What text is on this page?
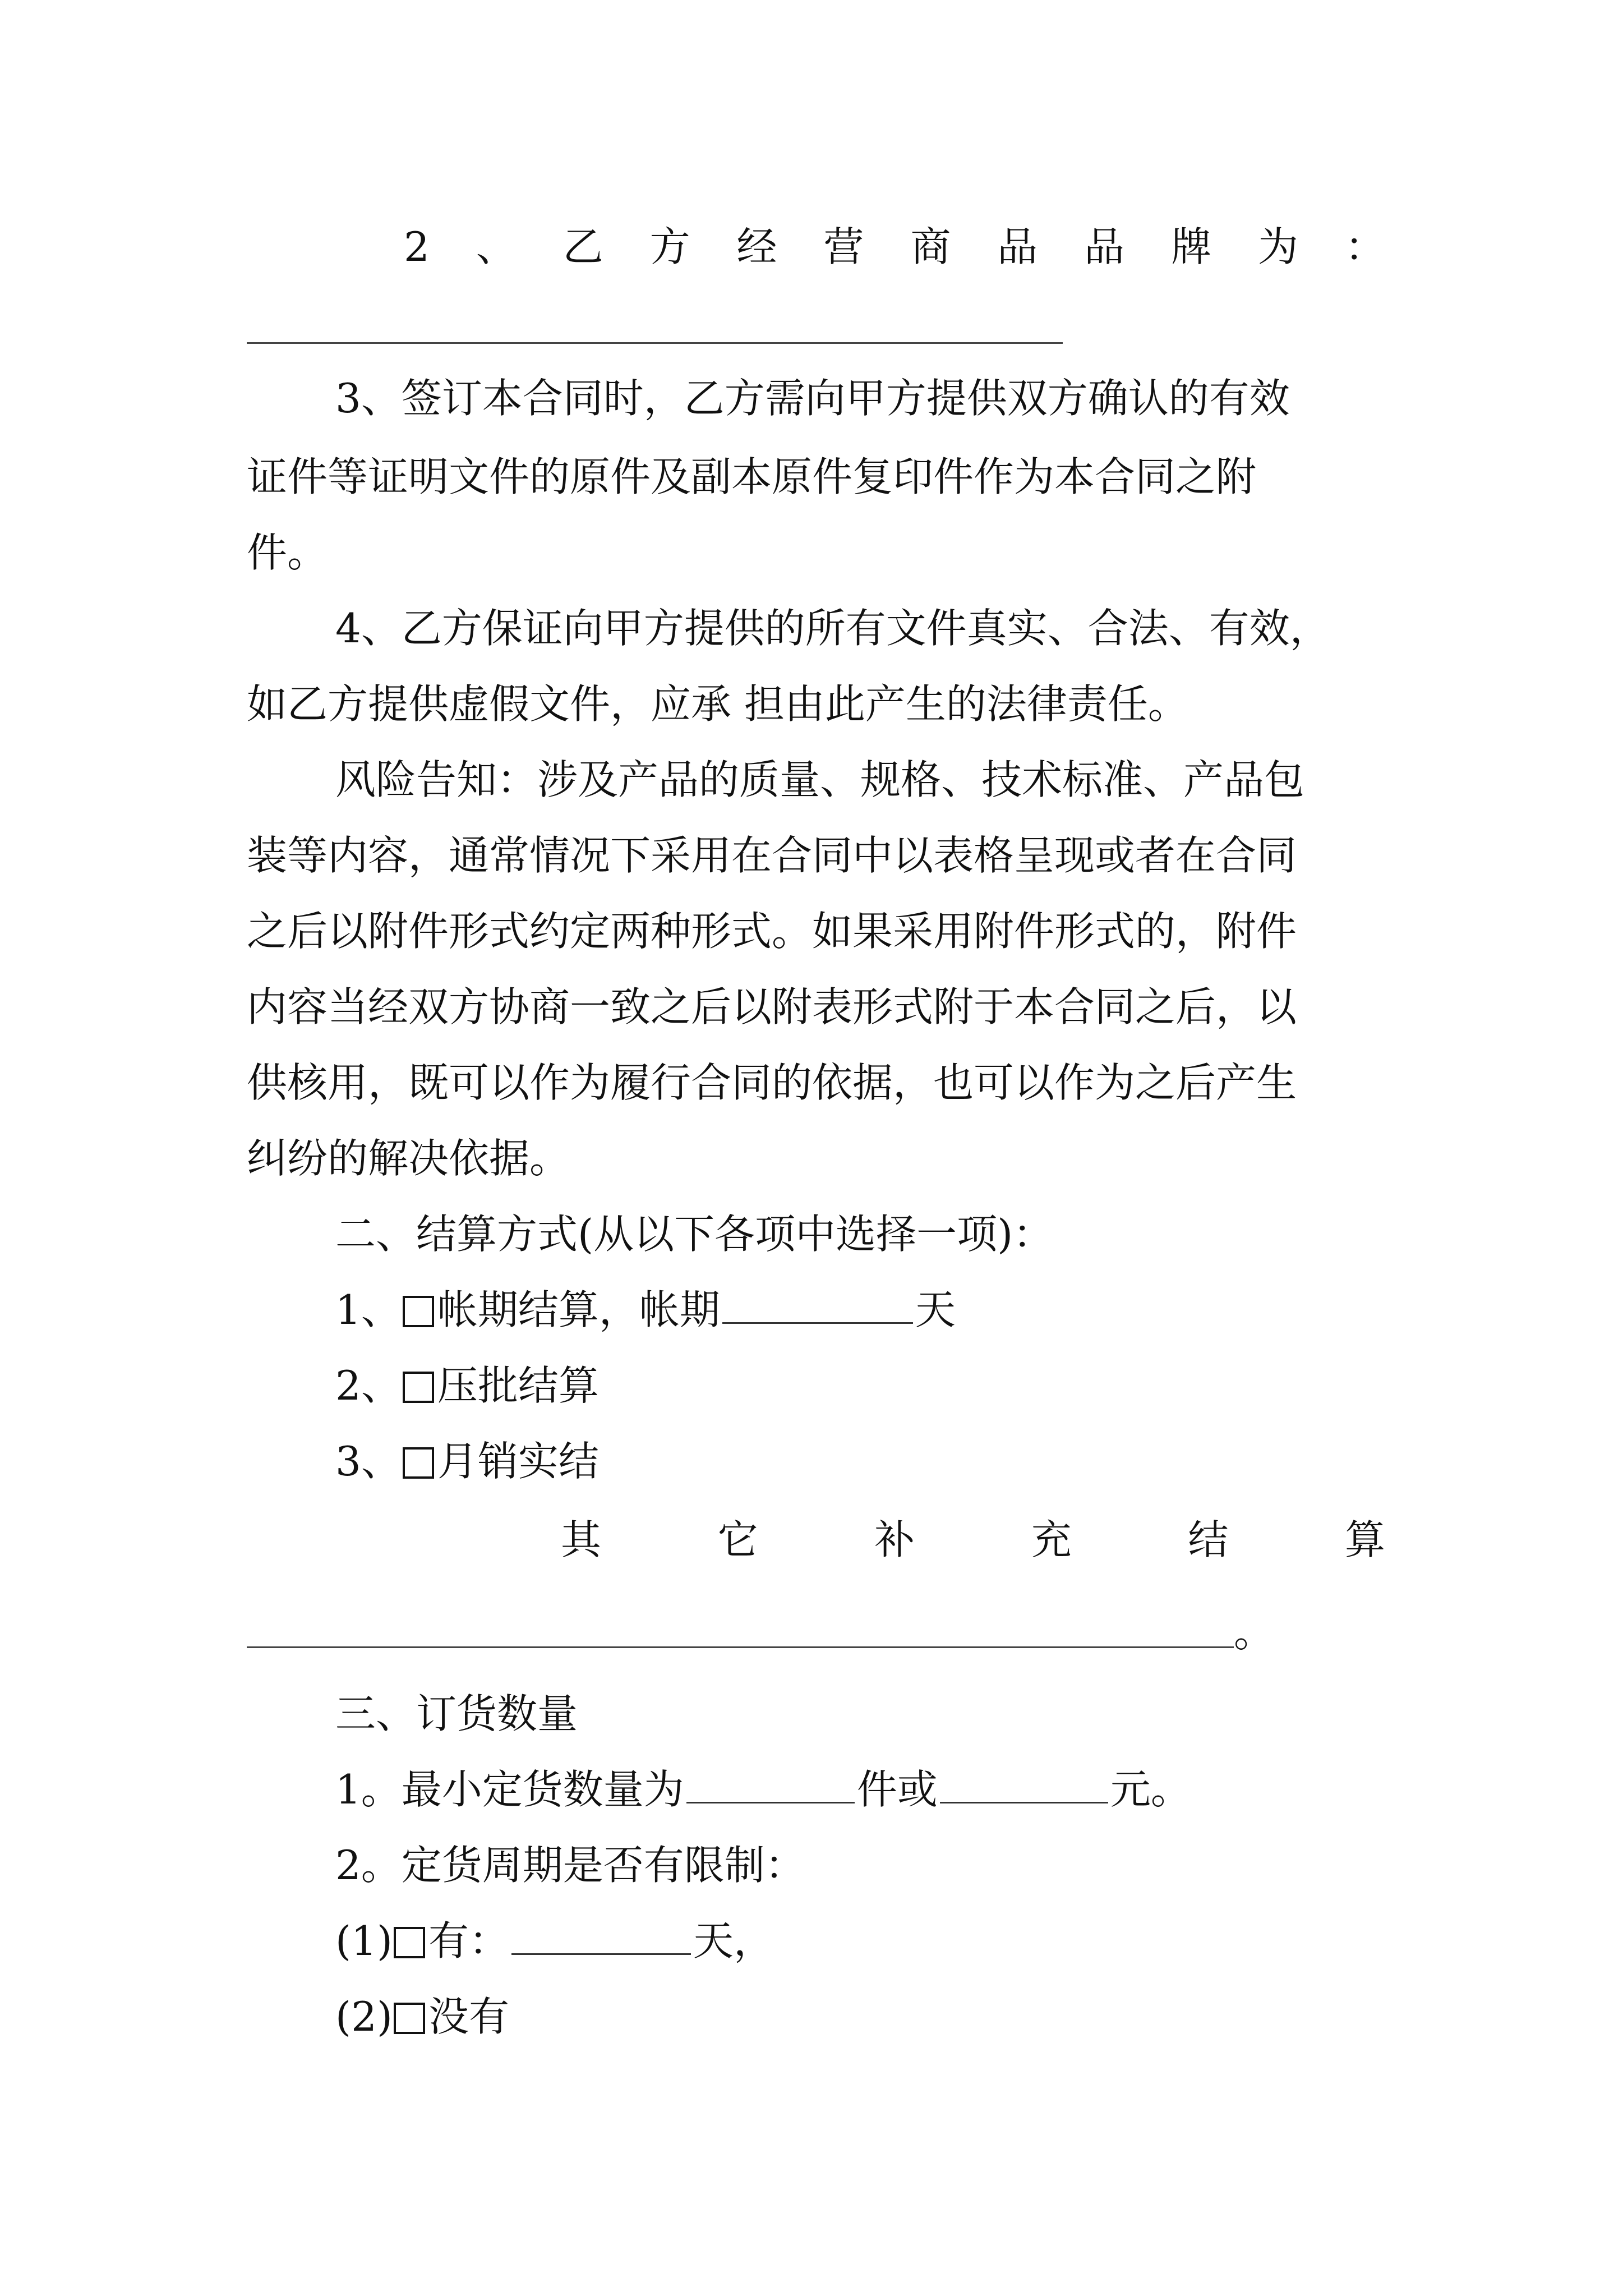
2 、 乙 方 经 营 商 品 品 牌 为 ：
3、签订本合同时，乙方需向甲方提供双方确认的有效
证件等证明文件的原件及副本原件复印件作为本合同之附
件。
4、乙方保证向甲方提供的所有文件真实、合法、有效，
如乙方提供虚假文件，应承 担由此产生的法律责任。
风险告知：涉及产品的质量、规格、技术标准、产品包
装等内容，通常情况下采用在合同中以表格呈现或者在合同
之后以附件形式约定两种形式。如果采用附件形式的，附件
内容当经双方协商一致之后以附表形式附于本合同之后，以
供核用，既可以作为履行合同的依据，也可以作为之后产生
纠纷的解决依据。
二、结算方式(从以下各项中选择一项)：
1、 帐期结算，帐期	天
2、 压批结算
3、 月销实结
其	它	补	充	结	算
。
三、订货数量
1。最小定货数量为	件或	元。
2。定货周期是否有限制：
(1) 有：	天，
(2) 没有
